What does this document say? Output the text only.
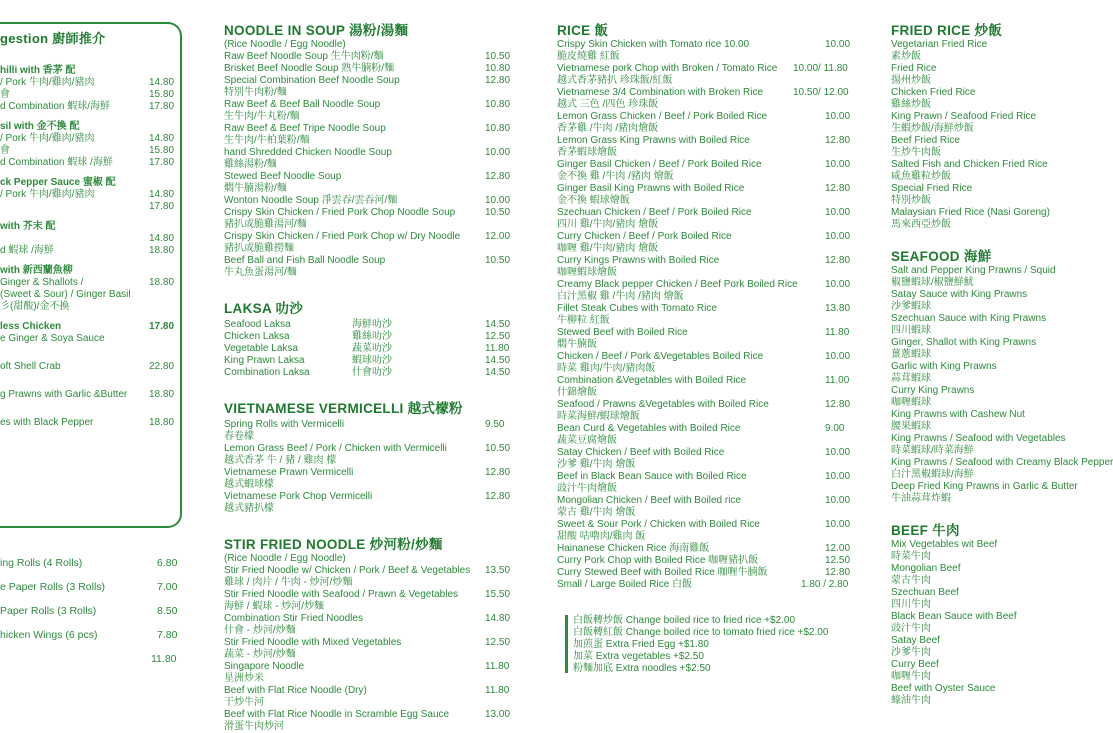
gestion 廚師推介
hilli with 香茅 配
/ Pork 牛肉/雞肉/豬肉	14.80
會	15.80
d Combination 蝦球/海鮮	17.80
sil with 金不換 配
/ Pork 牛肉/雞肉/豬肉	14.80
會	15.80
d Combination 蝦球 /海鮮	17.80
ck Pepper Sauce 蜜椒 配
/ Pork 牛肉/雞肉/豬肉	14.80
17.80
with 芥末 配
14.80
d 蝦球 /海鮮	18.80
with 新西蘭魚柳
Ginger & Shallots /	18.80
(Sweet & Sour) / Ginger Basil
彡(甜酸)/金不換
less Chicken	17.80
e Ginger & Soya Sauce
oft Shell Crab	22.80
g Prawns with Garlic &Butter 18.80
es with Black Pepper	18.80
ing Rolls (4 Rolls)	6.80
e Paper Rolls (3 Rolls)	7.00
Paper Rolls (3 Rolls)	8.50
hicken Wings (6 pcs)	7.80
11.80
NOODLE IN SOUP 湯粉/湯麵
(Rice Noodle / Egg Noodle)
Raw Beef Noodle Soup 生牛肉粉/麵	10.50
Brisket Beef Noodle Soup 熟牛腩粉/麵	10.80
Special Combination Beef Noodle Soup	12.80
特別牛肉粉/麵
Raw Beef & Beef Ball Noodle Soup	10.80
生牛肉/牛丸粉/麵
Raw Beef & Beef Tripe Noodle Soup	10.80
生牛肉/牛柏葉粉/麵
hand Shredded Chicken Noodle Soup	10.00
雞絲湯粉/麵
Stewed Beef Noodle Soup	12.80
燜牛腩湯粉/麵
Wonton Noodle Soup 淨雲吞/雲吞河/麵	10.00
Crispy Skin Chicken / Fried Pork Chop Noodle Soup	10.50
豬扒或脆雞湯河/麵
Crispy Skin Chicken / Fried Pork Chop w/ Dry Noodle 12.00
豬扒或脆雞撈麵
Beef Ball and Fish Ball Noodle Soup	10.50
牛丸魚蛋湯河/麵
LAKSA 叻沙
Seafood Laksa	海鮮叻沙	14.50
Chicken Laksa	雞絲叻沙	12.50
Vegetable Laksa	蔬菜叻沙	11.80
King Prawn Laksa	蝦球叻沙	14.50
Combination Laksa	什會叻沙	14.50
VIETNAMESE VERMICELLI 越式檬粉
Spring Rolls with Vermicelli	9.50
春卷檬
Lemon Grass Beef / Pork / Chicken with Vermicelli	10.50
越式香茅 牛 / 豬 / 雞肉 檬
Vietnamese Prawn Vermicelli	12.80
越式蝦球檬
Vietnamese Pork Chop Vermicelli	12.80
越式豬扒檬
STIR FRIED NOODLE 炒河粉/炒麵
(Rice Noodle / Egg Noodle)
Stir Fried Noodle w/ Chicken / Pork / Beef & Vegetables 13.50
雞球 / 肉片 / 牛肉 - 炒河/炒麵
Stir Fried Noodle with Seafood / Prawn & Vegetables	15.50
海鮮 / 蝦球 - 炒河/炒麵
Combination Stir Fried Noodles	14.80
什會 - 炒河/炒麵
Stir Fried Noodle with Mixed Vegetables	12.50
蔬菜 - 炒河/炒麵
Singapore Noodle	11.80
星洲炒米
Beef with Flat Rice Noodle (Dry)	11.80
干炒牛河
Beef with Flat Rice Noodle in Scramble Egg Sauce	13.00
滑蛋牛肉炒河
RICE 飯
Crispy Skin Chicken with Tomato rice 10.00	10.00
脆皮燒雞 紅飯
Vietnamese pork Chop with Broken / Tomato Rice 10.00/ 11.80
越式香茅豬扒 珍珠飯/紅飯
Vietnamese 3/4 Combination with Broken Rice	10.50/ 12.00
越式 三色 /四色 珍珠飯
Lemon Grass Chicken / Beef / Pork Boiled Rice	10.00
香茅雞 /牛肉 /豬肉燴飯
Lemon Grass King Prawns with Boiled Rice	12.80
香茅蝦球燴飯
Ginger Basil Chicken / Beef / Pork Boiled Rice	10.00
金不換 雞 /牛肉 /豬肉 燴飯
Ginger Basil King Prawns with Boiled Rice	12.80
金不換 蝦球燴飯
Szechuan Chicken / Beef / Pork Boiled Rice	10.00
四川 雞/牛肉/豬肉 燴飯
Curry Chicken / Beef / Pork Boiled Rice	10.00
咖喱 雞/牛肉/豬肉 燴飯
Curry Kings Prawns with Boiled Rice	12.80
咖喱蝦球燴飯
Creamy Black pepper Chicken / Beef Pork Boiled Rice	10.00
白汁黑椒 雞 /牛肉 /豬肉 燴飯
Fillet Steak Cubes with Tomato Rice	13.80
牛柳粒 紅飯
Stewed Beef with Boiled Rice	11.80
燜牛腩飯
Chicken / Beef / Pork &Vegetables Boiled Rice	10.00
時菜 雞肉/牛肉/豬肉飯
Combination &Vegetables with Boiled Rice	11.00
什錦燴飯
Seafood / Prawns &Vegetables with Boiled Rice	12.80
時菜海鮮/蝦球燴飯
Bean Curd & Vegetables with Boiled Rice	9.00
蔬菜豆腐燴飯
Satay Chicken / Beef with Boiled Rice	10.00
沙爹 雞/牛肉 燴飯
Beef in Black Bean Sauce with Boiled Rice	10.00
豉汁牛肉燴飯
Mongolian Chicken / Beef with Boiled rice	10.00
蒙古 雞/牛肉 燴飯
Sweet & Sour Pork / Chicken with Boiled Rice	10.00
甜酸 咕嚕肉/雞肉 飯
Hainanese Chicken Rice 海南雞飯	12.00
Curry Pork Chop with Boiled Rice 咖喱豬扒飯	12.50
Curry Stewed Beef with Boiled Rice 咖喱牛腩飯	12.80
Small / Large Boiled Rice 白飯	1.80 / 2.80
白飯轉炒飯 Change boiled rice to fried rice +$2.00
白飯轉紅飯 Change boiled rice to tomato fried rice +$2.00
加煎蛋 Extra Fried Egg +$1.80
加菜 Extra vegetables +$2.50
粉麵加底 Extra noodles +$2.50
FRIED RICE 炒飯
Vegetarian Fried Rice
素炒飯
Fried Rice
揚州炒飯
Chicken Fried Rice
雞絲炒飯
King Prawn / Seafood Fried Rice
生蝦炒飯/海鮮炒飯
Beef Fried Rice
生炒牛肉飯
Salted Fish and Chicken Fried Rice
咸魚雞粒炒飯
Special Fried Rice
特別炒飯
Malaysian Fried Rice (Nasi Goreng)
馬來西亞炒飯
SEAFOOD 海鮮
Salt and Pepper King Prawns / Squid
椒鹽蝦球/椒鹽鮮魷
Satay Sauce with King Prawns
沙爹蝦球
Szechuan Sauce with King Prawns
四川蝦球
Ginger, Shallot with King Prawns
薑蔥蝦球
Garlic with King Prawns
蒜茸蝦球
Curry King Prawns
咖喱蝦球
King Prawns with Cashew Nut
腰果蝦球
King Prawns / Seafood with Vegetables
時菜蝦球/時菜海鮮
King Prawns / Seafood with Creamy Black Pepper
白汁黑椒蝦球/海鮮
Deep Fried King Prawns in Garlic & Butter
牛油蒜茸炸蝦
BEEF 牛肉
Mix Vegetables wit Beef
時菜牛肉
Mongolian Beef
蒙古牛肉
Szechuan Beef
四川牛肉
Black Bean Sauce with Beef
豉汁牛肉
Satay Beef
沙爹牛肉
Curry Beef
咖喱牛肉
Beef with Oyster Sauce
蠔油牛肉
